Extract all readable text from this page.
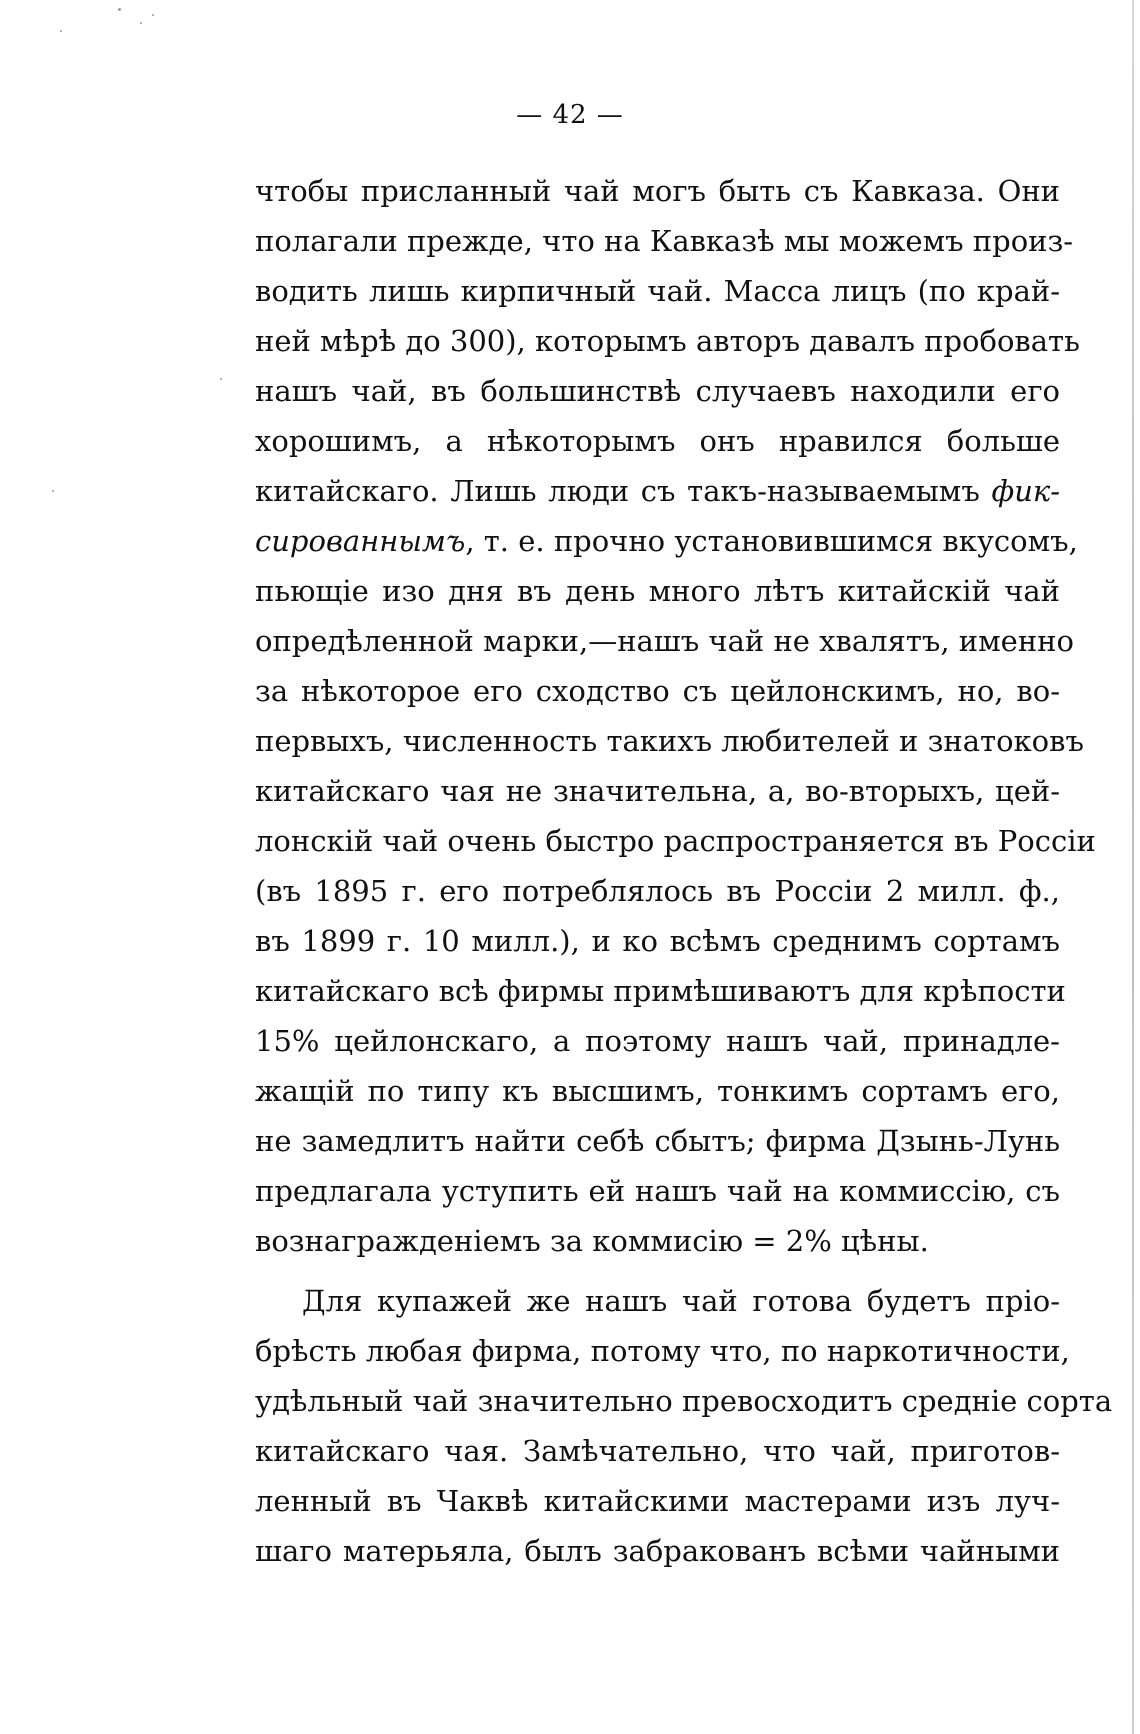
— 42 —
чтобы присланный чай могъ быть съ Кавказа. Они
полагали прежде, что на Кавказѣ мы можемъ произ-
водить лишь кирпичный чай. Масса лицъ (по край-
ней мѣрѣ до 300), которымъ авторъ давалъ пробовать
нашъ чай, въ большинствѣ случаевъ находили его
хорошимъ, а нѣкоторымъ онъ нравился больше
китайскаго. Лишь люди съ такъ-называемымъ фик-
сированнымъ, т. е. прочно установившимся вкусомъ,
пьющіе изо дня въ день много лѣтъ китайскій чай
опредѣленной марки,—нашъ чай не хвалятъ, именно
за нѣкоторое его сходство съ цейлонскимъ, но, во-
первыхъ, численность такихъ любителей и знатоковъ
китайскаго чая не значительна, а, во-вторыхъ, цей-
лонскій чай очень быстро распространяется въ Россіи
(въ 1895 г. его потреблялось въ Россіи 2 милл. ф.,
въ 1899 г. 10 милл.), и ко всѣмъ среднимъ сортамъ
китайскаго всѣ фирмы примѣшиваютъ для крѣпости
15% цейлонскаго, а поэтому нашъ чай, принадле-
жащій по типу къ высшимъ, тонкимъ сортамъ его,
не замедлитъ найти себѣ сбытъ; фирма Дзынь-Лунь
предлагала уступить ей нашъ чай на коммиссію, съ
вознагражденіемъ за коммисію = 2% цѣны.
Для купажей же нашъ чай готова будетъ пріо-
брѣсть любая фирма, потому что, по наркотичности,
удѣльный чай значительно превосходитъ средніе сорта
китайскаго чая. Замѣчательно, что чай, приготов-
ленный въ Чаквѣ китайскими мастерами изъ луч-
шаго матерьяла, былъ забракованъ всѣми чайными
